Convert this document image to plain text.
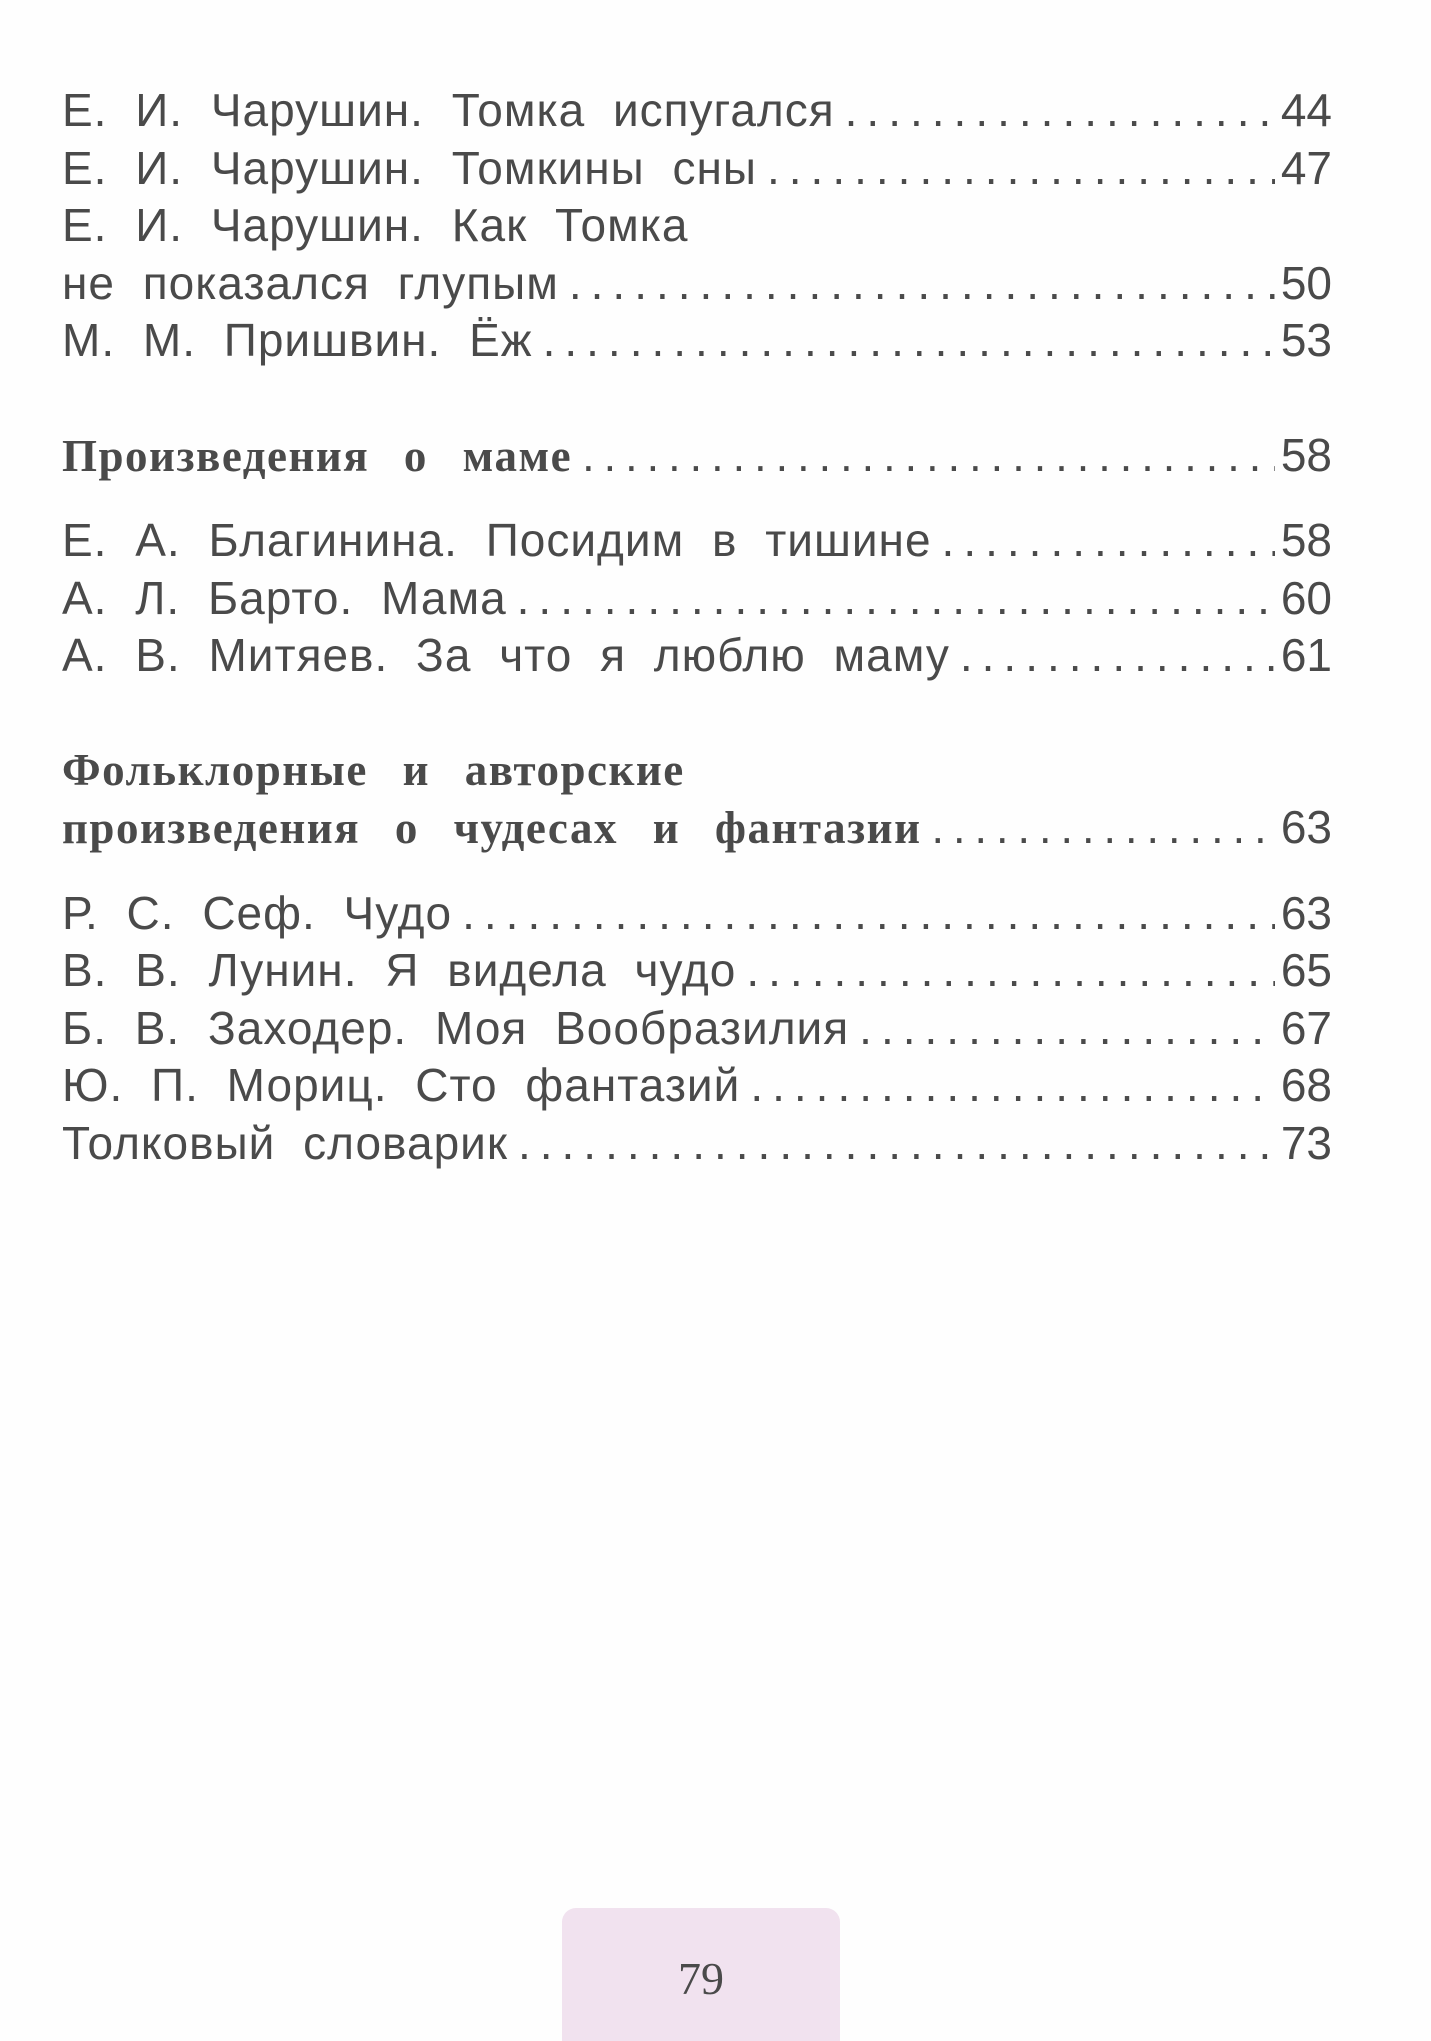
Е. И. Чарушин. Томка испугался .....	44
Е. И. Чарушин. Томкины сны .....	47
Е. И. Чарушин. Как Томка
не показался глупым .....	50
М. М. Пришвин. Ёж .....	53
Произведения о маме .....	58
Е. А. Благинина. Посидим в тишине .....	58
А. Л. Барто. Мама .....	60
А. В. Митяев. За что я люблю маму .....	61
Фольклорные и авторские
произведения о чудесах и фантазии .....	63
Р. С. Сеф. Чудо .....	63
В. В. Лунин. Я видела чудо .....	65
Б. В. Заходер. Моя Вообразилия .....	67
Ю. П. Мориц. Сто фантазий .....	68
Толковый словарик .....	73
79
